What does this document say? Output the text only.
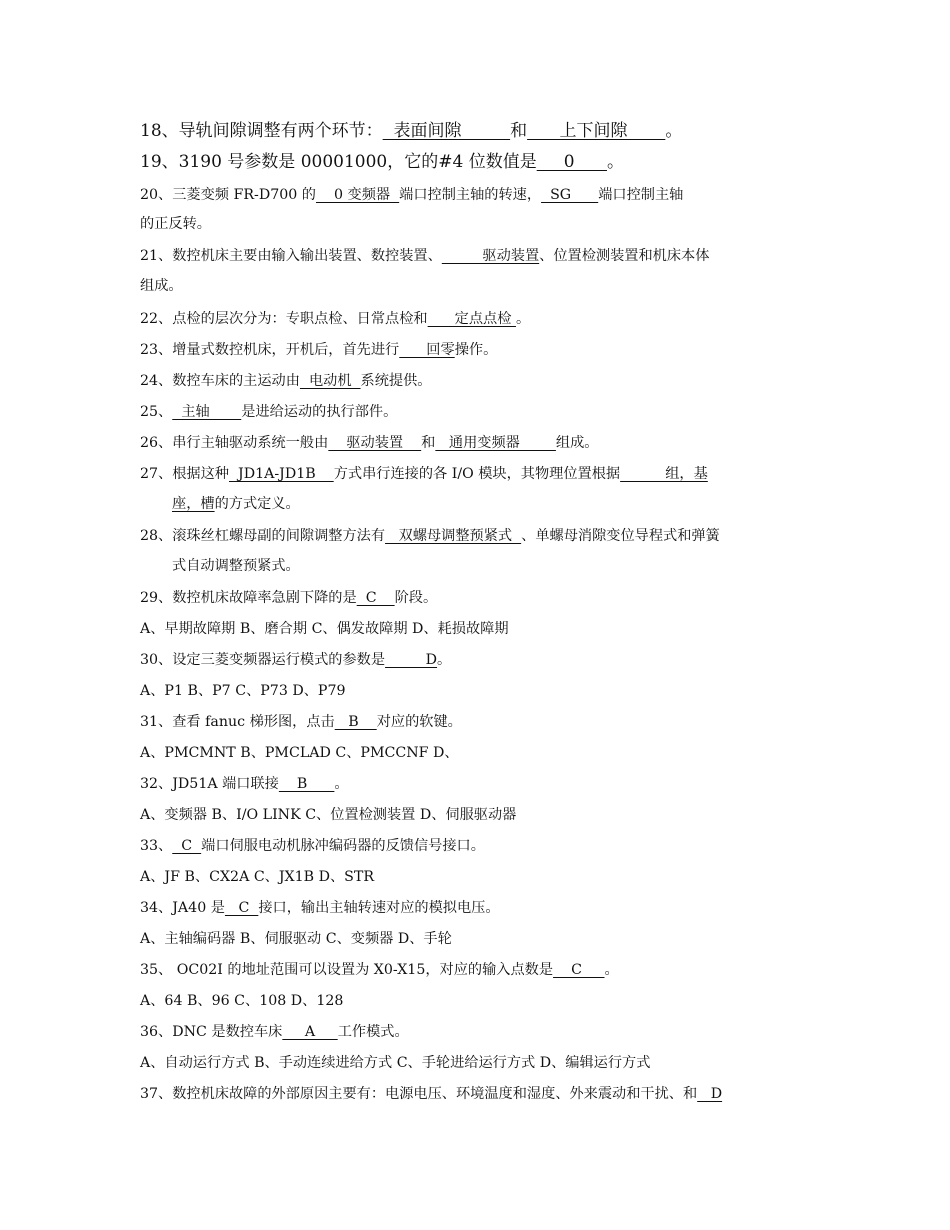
18、导轨间隙调整有两个环节：  表面间隙         和      上下间隙       。
19、3190 号参数是 00001000，它的#4 位数值是     0      。
20、三菱变频 FR-D700 的    0 变频器  端口控制主轴的转速，  SG      端口控制主轴
的正反转。
21、数控机床主要由输入输出装置、数控装置、         驱动装置、位置检测装置和机床本体
组成。
22、点检的层次分为：专职点检、日常点检和      定点点检 。
23、增量式数控机床，开机后，首先进行      回零操作。
24、数控车床的主运动由  电动机  系统提供。
25、  主轴       是进给运动的执行部件。
26、串行主轴驱动系统一般由    驱动装置    和   通用变频器        组成。
27、根据这种  JD1A-JD1B    方式串行连接的各 I/O 模块，其物理位置根据          组，基
座，槽的方式定义。
28、滚珠丝杠螺母副的间隙调整方法有   双螺母调整预紧式  、单螺母消隙变位导程式和弹簧
式自动调整预紧式。
29、数控机床故障率急剧下降的是  C    阶段。
A、早期故障期 B、磨合期 C、偶发故障期 D、耗损故障期
30、设定三菱变频器运行模式的参数是         D。
A、P1 B、P7 C、P73 D、P79
31、查看 fanuc 梯形图，点击   B    对应的软键。
A、PMCMNT B、PMCLAD C、PMCCNF D、
32、JD51A 端口联接    B      。
A、变频器 B、I/O LINK C、位置检测装置 D、伺服驱动器
33、  C  端口伺服电动机脉冲编码器的反馈信号接口。
A、JF B、CX2A C、JX1B D、STR
34、JA40 是   C  接口，输出主轴转速对应的模拟电压。
A、主轴编码器 B、伺服驱动 C、变频器 D、手轮
35、 OC02I 的地址范围可以设置为 X0-X15，对应的输入点数是    C     。
A、64 B、96 C、108 D、128
36、DNC 是数控车床     A     工作模式。
A、自动运行方式 B、手动连续进给方式 C、手轮进给运行方式 D、编辑运行方式
37、数控机床故障的外部原因主要有：电源电压、环境温度和湿度、外来震动和干扰、和   D
